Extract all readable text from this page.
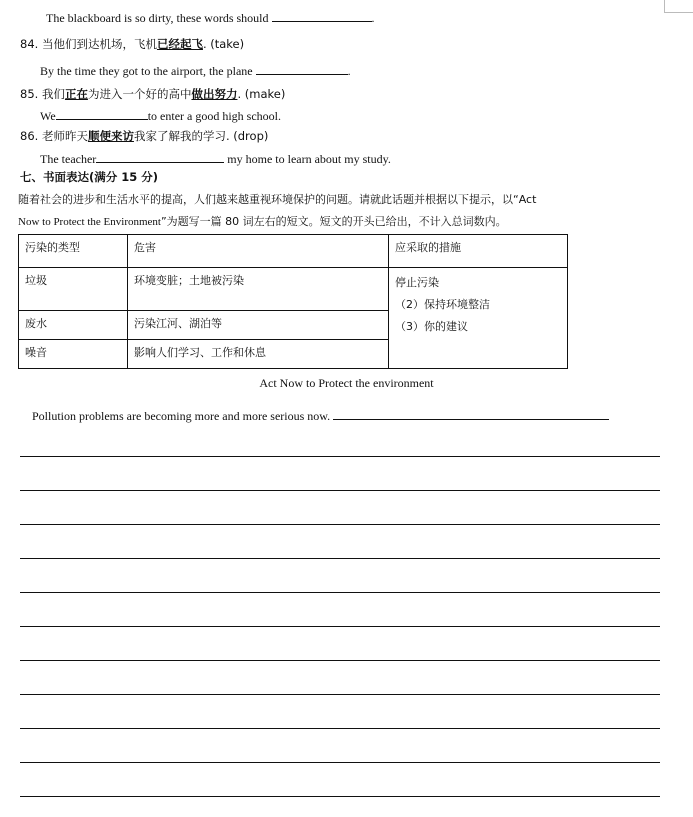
The blackboard is so dirty, these words should	.
84. 当他们到达机场，飞机已经起飞. (take)
By the time they got to the airport, the plane	.
85. 我们正在为进入一个好的高中做出努力. (make)
We	to enter a good high school.
86. 老师昨天顺便来访我家了解我的学习. (drop)
The teacher	my home to learn about my study.
七、书面表达(满分 15 分)
随着社会的进步和生活水平的提高，人们越来越重视环境保护的问题。请就此话题并根据以下提示，以“Act
Now to Protect the Environment”为题写一篇 80 词左右的短文。短文的开头已给出，不计入总词数内。
污染的类型	危害	应采取的措施
垃圾	环境变脏；土地被污染	停止污染
（2）保持环境整洁
（3）你的建议

废水	污染江河、湖泊等	
噪音	影响人们学习、工作和休息	
Act Now to Protect the environment
Pollution problems are becoming more and more serious now.
